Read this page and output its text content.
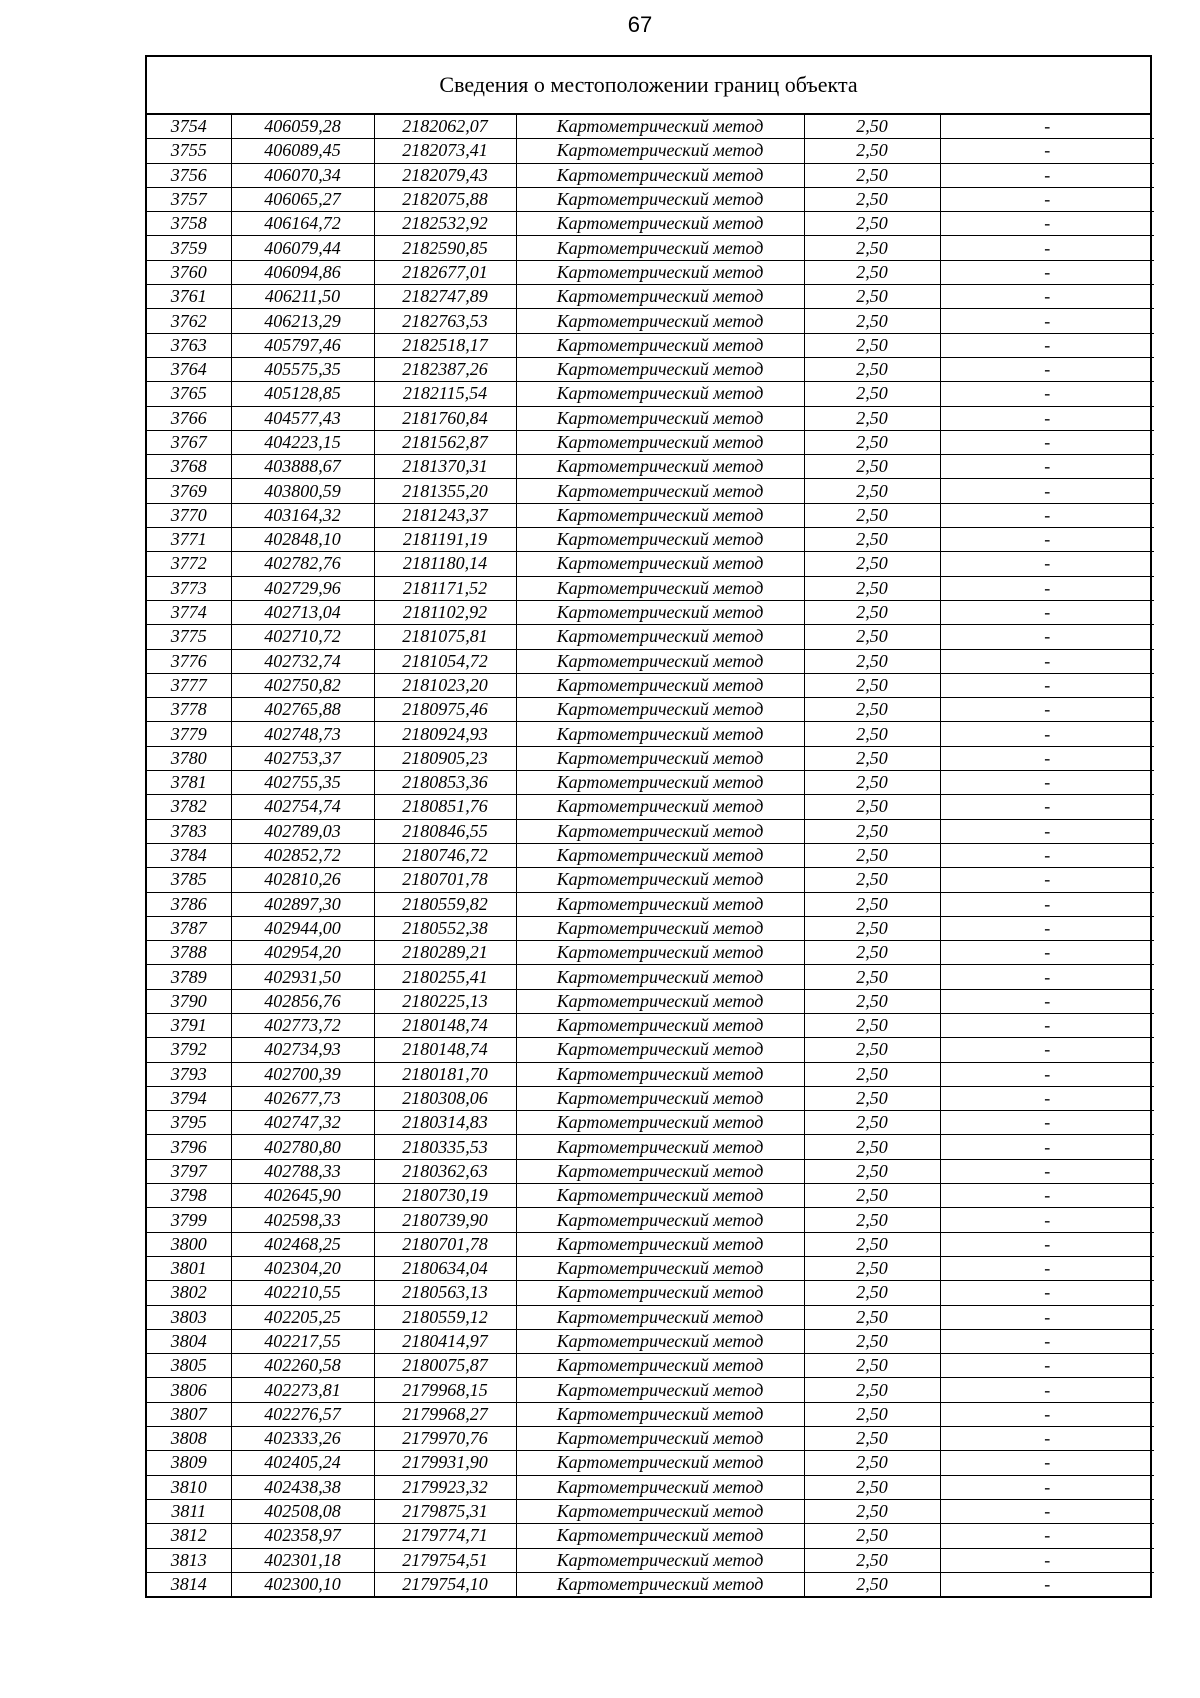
67
Сведения о местоположении границ объекта
3754	406059,28	2182062,07	Картометрический метод	2,50	-
3755	406089,45	2182073,41	Картометрический метод	2,50	-
3756	406070,34	2182079,43	Картометрический метод	2,50	-
3757	406065,27	2182075,88	Картометрический метод	2,50	-
3758	406164,72	2182532,92	Картометрический метод	2,50	-
3759	406079,44	2182590,85	Картометрический метод	2,50	-
3760	406094,86	2182677,01	Картометрический метод	2,50	-
3761	406211,50	2182747,89	Картометрический метод	2,50	-
3762	406213,29	2182763,53	Картометрический метод	2,50	-
3763	405797,46	2182518,17	Картометрический метод	2,50	-
3764	405575,35	2182387,26	Картометрический метод	2,50	-
3765	405128,85	2182115,54	Картометрический метод	2,50	-
3766	404577,43	2181760,84	Картометрический метод	2,50	-
3767	404223,15	2181562,87	Картометрический метод	2,50	-
3768	403888,67	2181370,31	Картометрический метод	2,50	-
3769	403800,59	2181355,20	Картометрический метод	2,50	-
3770	403164,32	2181243,37	Картометрический метод	2,50	-
3771	402848,10	2181191,19	Картометрический метод	2,50	-
3772	402782,76	2181180,14	Картометрический метод	2,50	-
3773	402729,96	2181171,52	Картометрический метод	2,50	-
3774	402713,04	2181102,92	Картометрический метод	2,50	-
3775	402710,72	2181075,81	Картометрический метод	2,50	-
3776	402732,74	2181054,72	Картометрический метод	2,50	-
3777	402750,82	2181023,20	Картометрический метод	2,50	-
3778	402765,88	2180975,46	Картометрический метод	2,50	-
3779	402748,73	2180924,93	Картометрический метод	2,50	-
3780	402753,37	2180905,23	Картометрический метод	2,50	-
3781	402755,35	2180853,36	Картометрический метод	2,50	-
3782	402754,74	2180851,76	Картометрический метод	2,50	-
3783	402789,03	2180846,55	Картометрический метод	2,50	-
3784	402852,72	2180746,72	Картометрический метод	2,50	-
3785	402810,26	2180701,78	Картометрический метод	2,50	-
3786	402897,30	2180559,82	Картометрический метод	2,50	-
3787	402944,00	2180552,38	Картометрический метод	2,50	-
3788	402954,20	2180289,21	Картометрический метод	2,50	-
3789	402931,50	2180255,41	Картометрический метод	2,50	-
3790	402856,76	2180225,13	Картометрический метод	2,50	-
3791	402773,72	2180148,74	Картометрический метод	2,50	-
3792	402734,93	2180148,74	Картометрический метод	2,50	-
3793	402700,39	2180181,70	Картометрический метод	2,50	-
3794	402677,73	2180308,06	Картометрический метод	2,50	-
3795	402747,32	2180314,83	Картометрический метод	2,50	-
3796	402780,80	2180335,53	Картометрический метод	2,50	-
3797	402788,33	2180362,63	Картометрический метод	2,50	-
3798	402645,90	2180730,19	Картометрический метод	2,50	-
3799	402598,33	2180739,90	Картометрический метод	2,50	-
3800	402468,25	2180701,78	Картометрический метод	2,50	-
3801	402304,20	2180634,04	Картометрический метод	2,50	-
3802	402210,55	2180563,13	Картометрический метод	2,50	-
3803	402205,25	2180559,12	Картометрический метод	2,50	-
3804	402217,55	2180414,97	Картометрический метод	2,50	-
3805	402260,58	2180075,87	Картометрический метод	2,50	-
3806	402273,81	2179968,15	Картометрический метод	2,50	-
3807	402276,57	2179968,27	Картометрический метод	2,50	-
3808	402333,26	2179970,76	Картометрический метод	2,50	-
3809	402405,24	2179931,90	Картометрический метод	2,50	-
3810	402438,38	2179923,32	Картометрический метод	2,50	-
3811	402508,08	2179875,31	Картометрический метод	2,50	-
3812	402358,97	2179774,71	Картометрический метод	2,50	-
3813	402301,18	2179754,51	Картометрический метод	2,50	-
3814	402300,10	2179754,10	Картометрический метод	2,50	-
